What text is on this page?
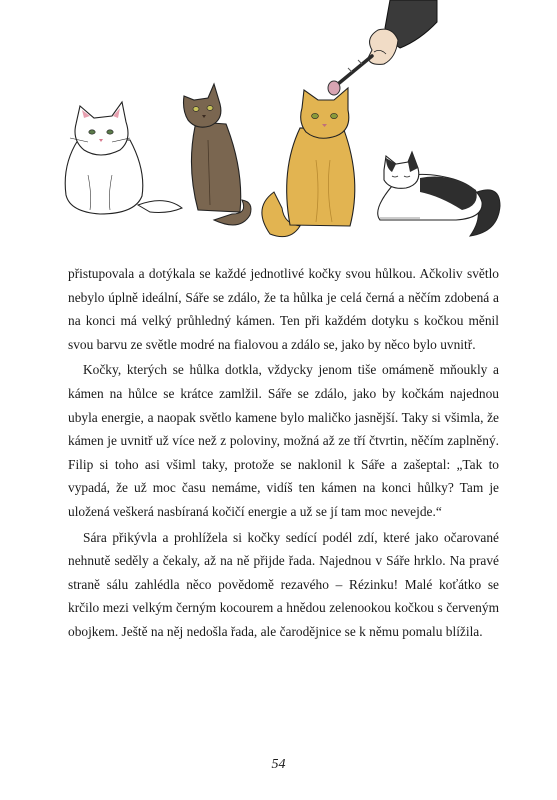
přistupovala a dotýkala se každé jednotlivé kočky svou hůlkou. Ačkoliv světlo nebylo úplně ideální, Sáře se zdálo, že ta hůlka je celá černá a něčím zdobená a na konci má velký průhledný kámen. Ten při každém dotyku s kočkou měnil svou barvu ze světle modré na fialovou a zdálo se, jako by něco bylo uvnitř.

Kočky, kterých se hůlka dotkla, vždycky jenom tiše omámeně mňoukly a kámen na hůlce se krátce zamlžil. Sáře se zdálo, jako by kočkám najednou ubyla energie, a naopak světlo kamene bylo maličko jasnější. Taky si všimla, že kámen je uvnitř už více než z poloviny, možná až ze tří čtvrtin, něčím zaplněný. Filip si toho asi všiml taky, protože se naklonil k Sáře a zašeptal: „Tak to vypadá, že už moc času nemáme, vidíš ten kámen na konci hůlky? Tam je uložená veškerá nasbíraná kočičí energie a už se jí tam moc nevejde.“

Sára přikývla a prohlížela si kočky sedící podél zdí, které jako očarované nehnutě seděly a čekaly, až na ně přijde řada. Najednou v Sáře hrklo. Na pravé straně sálu zahlédla něco povědomě rezavého – Rézinku! Malé koťátko se krčilo mezi velkým černým kocourem a hnědou zelenookou kočkou s červeným obojkem. Ještě na něj nedošla řada, ale čarodějnice se k němu pomalu blížila.

54
